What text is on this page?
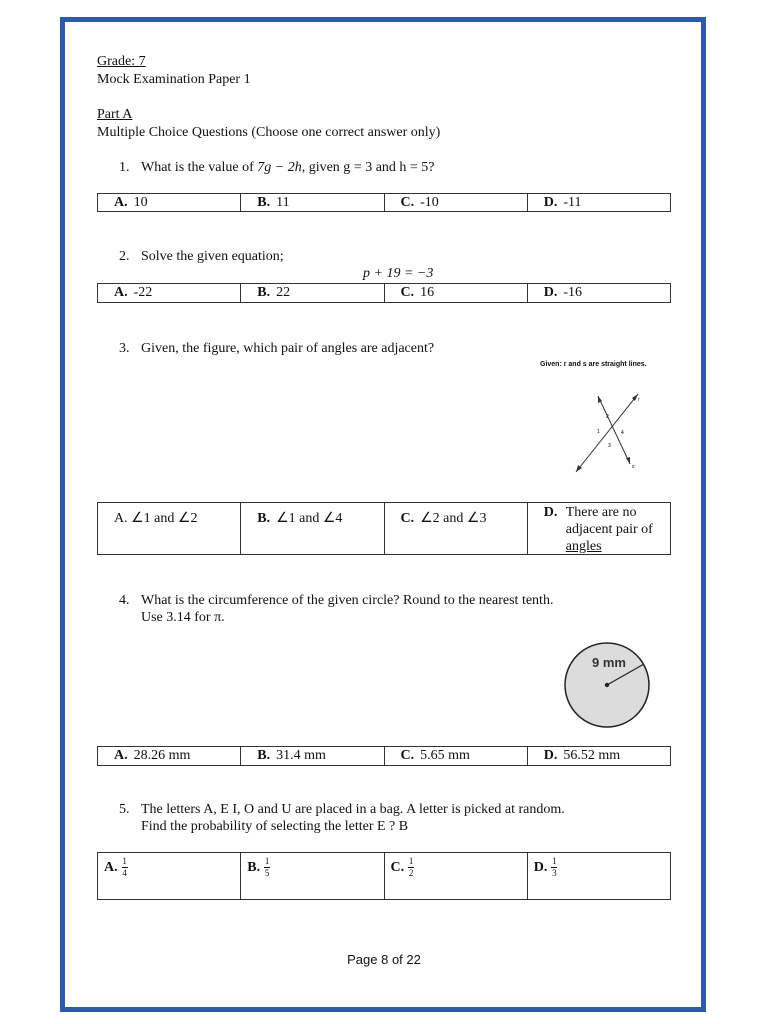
Grade: 7
Mock Examination Paper 1
Part A
Multiple Choice Questions (Choose one correct answer only)
1. What is the value of 7g − 2h, given g = 3 and h = 5?
A. 10	B. 11	C. -10	D. -11
2. Solve the given equation;
p + 19 = −3
A. -22	B. 22	C. 16	D. -16
3. Given, the figure, which pair of angles are adjacent?
Given: r and s are straight lines.
r
s
2
1	4
3
A. ∠1 and ∠2	B. ∠1 and ∠4	C. ∠2 and ∠3	D. There are no
adjacent pair of
angles
4. What is the circumference of the given circle? Round to the nearest tenth.
Use 3.14 for π.
9 mm
A. 28.26 mm	B. 31.4 mm	C. 5.65 mm	D. 56.52 mm
5. The letters A, E I, O and U are placed in a bag. A letter is picked at random.
Find the probability of selecting the letter E ? B
A. $\frac{1}{4}$	B. $\frac{1}{5}$	C. $\frac{1}{2}$	D. $\frac{1}{3}$
Page 8 of 22
